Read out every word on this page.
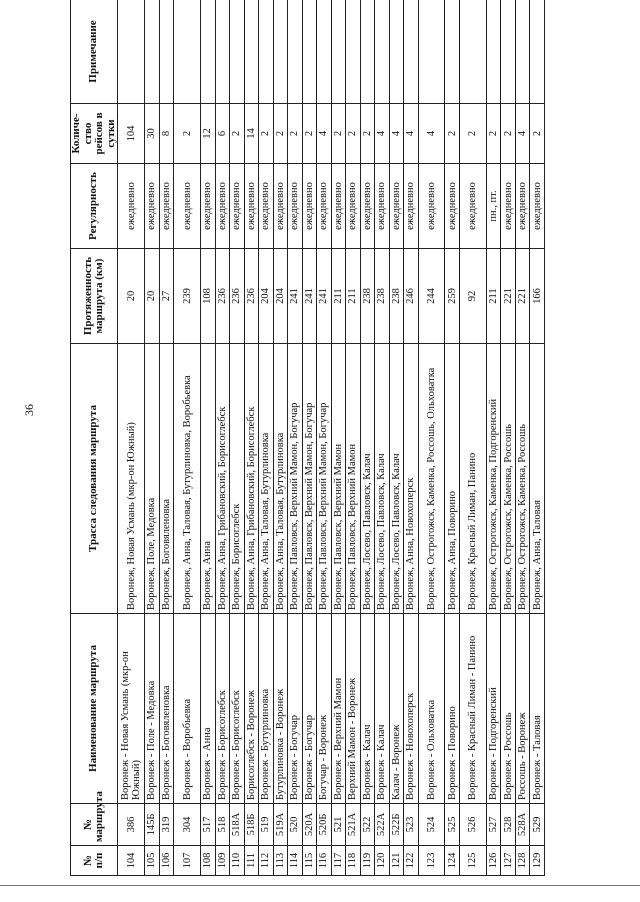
36
№ п/п	№ маршрута	Наименование маршрута	Трасса следования маршрута	Протяженность маршрута (км)	Регулярность	Количе- ство рейсов в сутки	Примечание
104	386	Воронеж - Новая Усмань (мкр-он Южный)	Воронеж, Новая Усмань (мкр-он Южный)	20	ежедневно	104	
105	145Б	Воронеж - Поле - Медовка	Воронеж, Поле, Медовка	20	ежедневно	30	
106	319	Воронеж - Боговяленовка	Воронеж, Боговяленовка	27	ежедневно	8	
107	304	Воронеж - Воробьевка	Воронеж, Анна, Таловая, Бутурлиновка, Воробьевка	239	ежедневно	2	
108	517	Воронеж - Анна	Воронеж, Анна	108	ежедневно	12	
109	518	Воронеж - Борисоглебск	Воронеж, Анна, Грибановский, Борисоглебск	236	ежедневно	6	
110	518А	Воронеж - Борисоглебск	Воронеж, Борисоглебск	236	ежедневно	2	
111	518Б	Борисоглебск - Воронеж	Воронеж, Анна, Грибановский, Борисоглебск	236	ежедневно	14	
112	519	Воронеж - Бутурлиновка	Воронеж, Анна, Таловая, Бутурлиновка	204	ежедневно	2	
113	519А	Бутурлиновка - Воронеж	Воронеж, Анна, Таловая, Бутурлиновка	204	ежедневно	2	
114	520	Воронеж - Богучар	Воронеж, Павловск, Верхний Мамон, Богучар	241	ежедневно	2	
115	520А	Воронеж - Богучар	Воронеж, Павловск, Верхний Мамон, Богучар	241	ежедневно	2	
116	520Б	Богучар - Воронеж	Воронеж, Павловск, Верхний Мамон, Богучар	241	ежедневно	4	
117	521	Воронеж - Верхний Мамон	Воронеж, Павловск, Верхний Мамон	211	ежедневно	2	
118	521А	Верхний Мамон - Воронеж	Воронеж, Павловск, Верхний Мамон	211	ежедневно	2	
119	522	Воронеж - Калач	Воронеж, Лосево, Павловск, Калач	238	ежедневно	2	
120	522А	Воронеж - Калач	Воронеж, Лосево, Павловск, Калач	238	ежедневно	4	
121	522Б	Калач - Воронеж	Воронеж, Лосево, Павловск, Калач	238	ежедневно	4	
122	523	Воронеж - Новохоперск	Воронеж, Анна, Новохоперск	246	ежедневно	4	
123	524	Воронеж - Ольховатка	Воронеж, Острогожск, Каменка, Россошь, Ольховатка	244	ежедневно	4	
124	525	Воронеж - Поворино	Воронеж, Анна, Поворино	259	ежедневно	2	
125	526	Воронеж - Красный Лиман - Панино	Воронеж, Красный Лиман, Панино	92	ежедневно	2	
126	527	Воронеж - Подгоренский	Воронеж, Острогожск, Каменка, Подгоренский	211	пн., пт.	2	
127	528	Воронеж - Россошь	Воронеж, Острогожск, Каменка, Россошь	221	ежедневно	2	
128	528А	Россошь - Воронеж	Воронеж, Острогожск, Каменка, Россошь	221	ежедневно	4	
129	529	Воронеж - Таловая	Воронеж, Анна, Таловая	166	ежедневно	2	
